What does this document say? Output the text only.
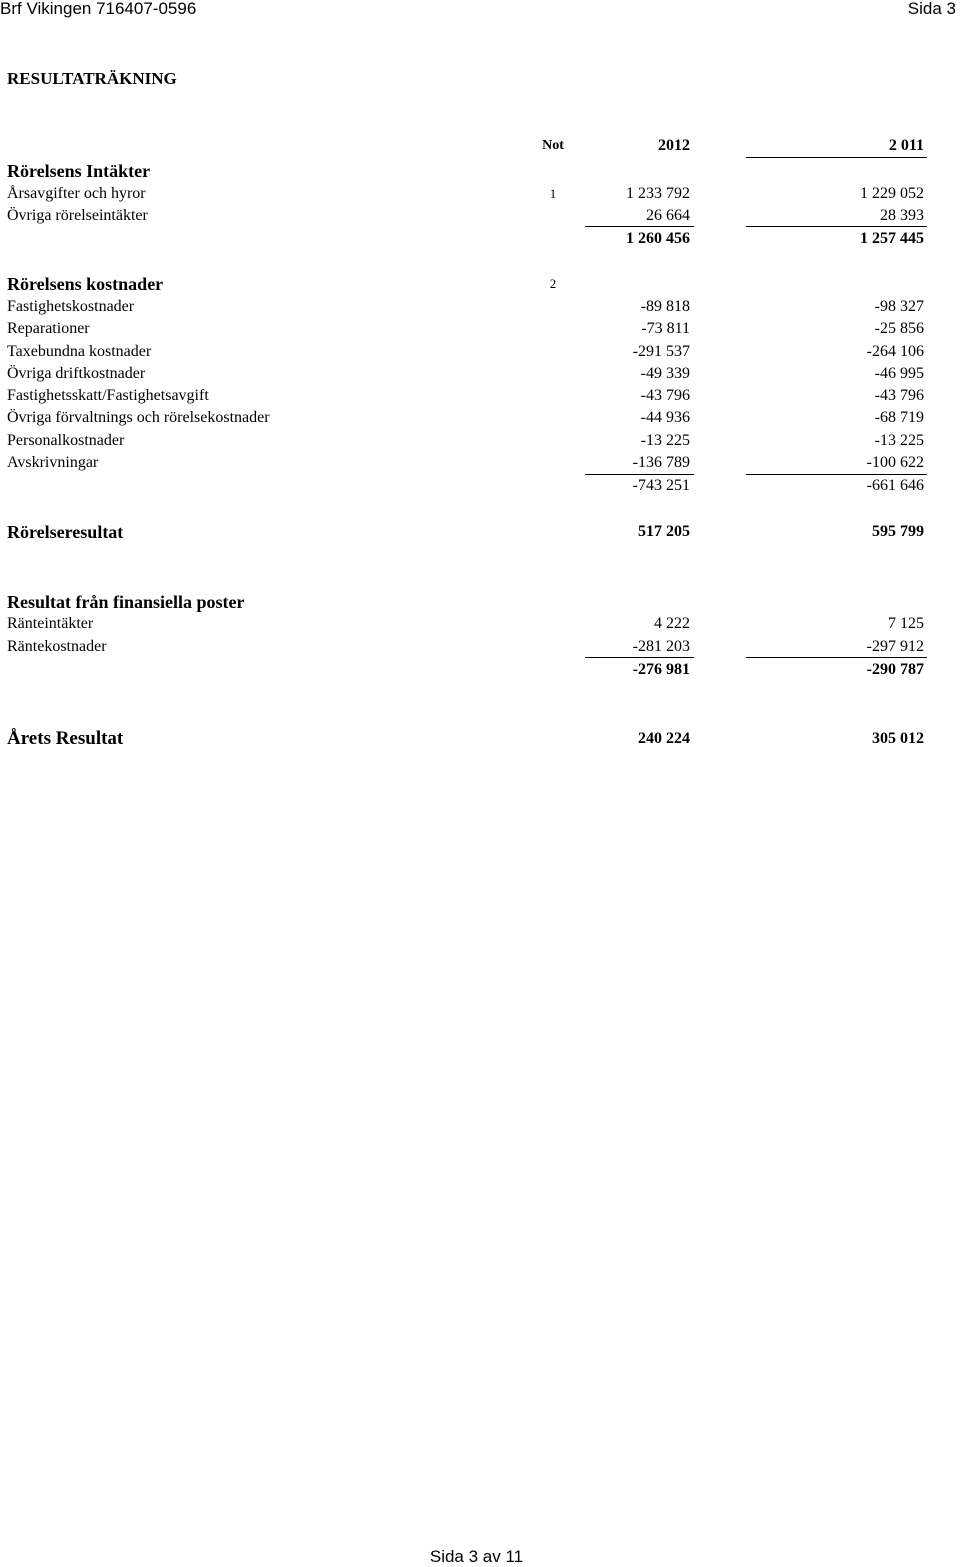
Brf Vikingen 716407-0596	Sida 3
RESULTATRÄKNING
Not	2012	2 011
Rörelsens Intäkter
Årsavgifter och hyror	1	1 233 792	1 229 052
Övriga rörelseintäkter	26 664	28 393
1 260 456	1 257 445
Rörelsens kostnader	2
Fastighetskostnader	-89 818	-98 327
Reparationer	-73 811	-25 856
Taxebundna kostnader	-291 537	-264 106
Övriga driftkostnader	-49 339	-46 995
Fastighetsskatt/Fastighetsavgift	-43 796	-43 796
Övriga förvaltnings och rörelsekostnader	-44 936	-68 719
Personalkostnader	-13 225	-13 225
Avskrivningar	-136 789	-100 622
-743 251	-661 646
Rörelseresultat	517 205	595 799
Resultat från finansiella poster
Ränteintäkter	4 222	7 125
Räntekostnader	-281 203	-297 912
-276 981	-290 787
Årets Resultat	240 224	305 012
Sida 3 av 11
